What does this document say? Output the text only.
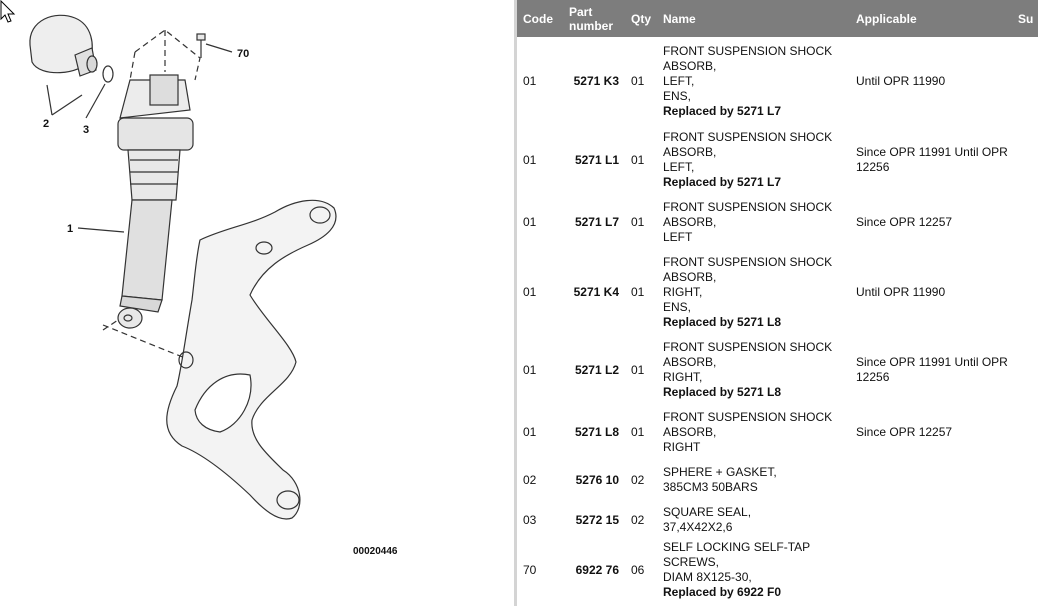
1
2	3
70
00020446
Code	Part
number	Qty	Name	Applicable	Su
01	5271 K3	01	FRONT SUSPENSION SHOCK
ABSORB,
LEFT,
ENS,
Replaced by 5271 L7	Until OPR 11990	
01	5271 L1	01	FRONT SUSPENSION SHOCK
ABSORB,
LEFT,
Replaced by 5271 L7	Since OPR 11991 Until OPR 12256	
01	5271 L7	01	FRONT SUSPENSION SHOCK
ABSORB,
LEFT	Since OPR 12257	
01	5271 K4	01	FRONT SUSPENSION SHOCK
ABSORB,
RIGHT,
ENS,
Replaced by 5271 L8	Until OPR 11990	
01	5271 L2	01	FRONT SUSPENSION SHOCK
ABSORB,
RIGHT,
Replaced by 5271 L8	Since OPR 11991 Until OPR 12256	
01	5271 L8	01	FRONT SUSPENSION SHOCK
ABSORB,
RIGHT	Since OPR 12257	
02	5276 10	02	SPHERE + GASKET,
385CM3 50BARS		

03	5272 15	02	SQUARE SEAL,
37,4X42X2,6		

70	6922 76	06	SELF LOCKING SELF-TAP
SCREWS,
DIAM 8X125-30,
Replaced by 6922 F0		
